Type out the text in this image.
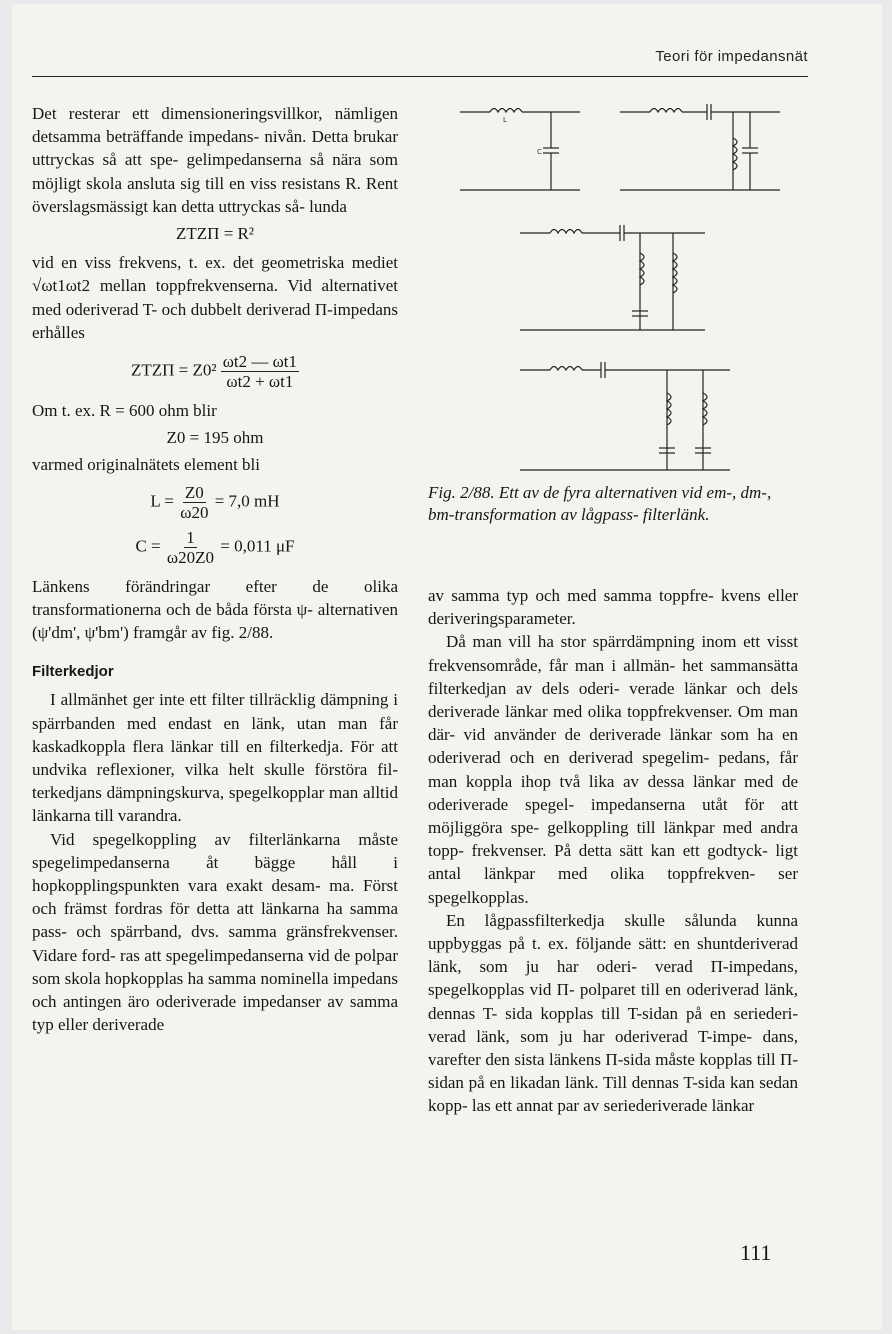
Teori för impedansnät

Det resterar ett dimensioneringsvillkor, nämligen detsamma beträffande impedans- nivån. Detta brukar uttryckas så att spe- gelimpedanserna så nära som möjligt skola ansluta sig till en viss resistans R. Rent överslagsmässigt kan detta uttryckas så- lunda

ZTZΠ = R²

vid en viss frekvens, t. ex. det geometriska mediet √ωt1ωt2 mellan toppfrekvenserna. Vid alternativet med oderiverad T- och dubbelt deriverad Π-impedans erhålles

$ZTZ\Pi = Z0^2 \frac{\omega t2 — \omega t1}{\omega t2 + \omega t1}$

Om t. ex. R = 600 ohm blir

Z0 = 195 ohm

varmed originalnätets element bli

$L = \frac{Z0}{\omega 20} = 7,0$ mH
$C = \frac{1}{\omega 20Z0} = 0,011$ μF

Länkens förändringar efter de olika transformationerna och de båda första ψ- alternativen (ψ'dm', ψ'bm') framgår av fig. 2/88.

Filterkedjor

I allmänhet ger inte ett filter tillräcklig dämpning i spärrbanden med endast en länk, utan man får kaskadkoppla flera länkar till en filterkedja. För att undvika reflexioner, vilka helt skulle förstöra fil- terkedjans dämpningskurva, spegelkopplar man alltid länkarna till varandra.

Vid spegelkoppling av filterlänkarna måste spegelimpedanserna åt bägge håll i hopkopplingspunkten vara exakt desam- ma. Först och främst fordras för detta att länkarna ha samma pass- och spärrband, dvs. samma gränsfrekvenser. Vidare ford- ras att spegelimpedanserna vid de polpar som skola hopkopplas ha samma nominella impedans och antingen äro oderiverade impedanser av samma typ eller deriverade

L
C
Fig. 2/88. Ett av de fyra alternativen vid em-, dm-, bm-transformation av lågpass- filterlänk.

av samma typ och med samma toppfre- kvens eller deriveringsparameter.

Då man vill ha stor spärrdämpning inom ett visst frekvensområde, får man i allmän- het sammansätta filterkedjan av dels oderi- verade länkar och dels deriverade länkar med olika toppfrekvenser. Om man där- vid använder de deriverade länkar som ha en oderiverad och en deriverad spegelim- pedans, får man koppla ihop två lika av dessa länkar med de oderiverade spegel- impedanserna utåt för att möjliggöra spe- gelkoppling till länkpar med andra topp- frekvenser. På detta sätt kan ett godtyck- ligt antal länkpar med olika toppfrekven- ser spegelkopplas.

En lågpassfilterkedja skulle sålunda kunna uppbyggas på t. ex. följande sätt: en shuntderiverad länk, som ju har oderi- verad Π-impedans, spegelkopplas vid Π- polparet till en oderiverad länk, dennas T- sida kopplas till T-sidan på en seriederi- verad länk, som ju har oderiverad T-impe- dans, varefter den sista länkens Π-sida måste kopplas till Π-sidan på en likadan länk. Till dennas T-sida kan sedan kopp- las ett annat par av seriederiverade länkar

111
